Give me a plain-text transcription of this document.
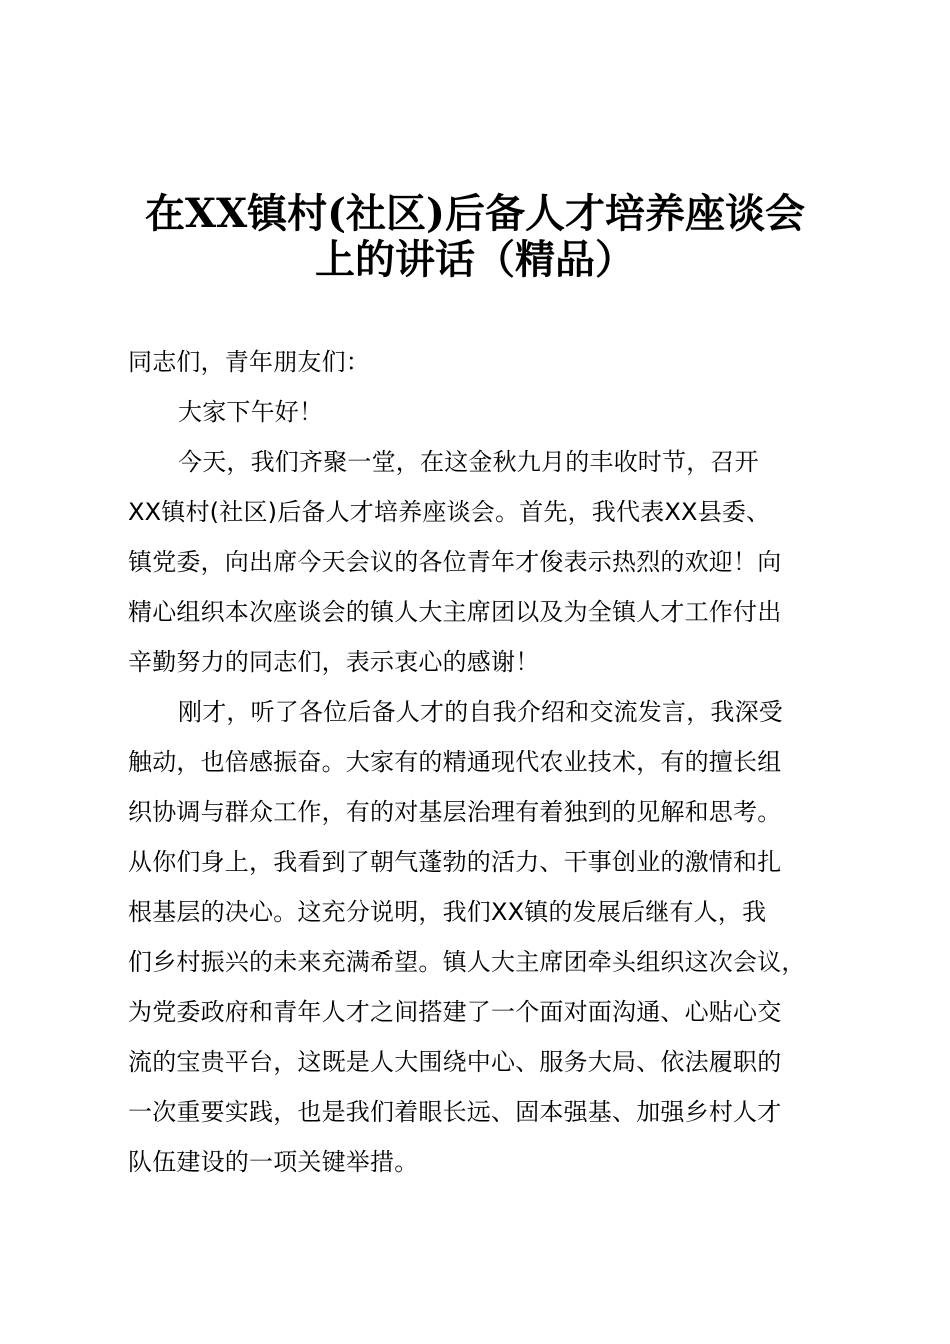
在XX镇村(社区)后备人才培养座谈会
上的讲话（精品）
同志们，青年朋友们：
大家下午好！
今天，我们齐聚一堂，在这金秋九月的丰收时节，召开
XX镇村(社区)后备人才培养座谈会。首先，我代表XX县委、
镇党委，向出席今天会议的各位青年才俊表示热烈的欢迎！向
精心组织本次座谈会的镇人大主席团以及为全镇人才工作付出
辛勤努力的同志们，表示衷心的感谢！
刚才，听了各位后备人才的自我介绍和交流发言，我深受
触动，也倍感振奋。大家有的精通现代农业技术，有的擅长组
织协调与群众工作，有的对基层治理有着独到的见解和思考。
从你们身上，我看到了朝气蓬勃的活力、干事创业的激情和扎
根基层的决心。这充分说明，我们XX镇的发展后继有人，我
们乡村振兴的未来充满希望。镇人大主席团牵头组织这次会议，
为党委政府和青年人才之间搭建了一个面对面沟通、心贴心交
流的宝贵平台，这既是人大围绕中心、服务大局、依法履职的
一次重要实践，也是我们着眼长远、固本强基、加强乡村人才
队伍建设的一项关键举措。
